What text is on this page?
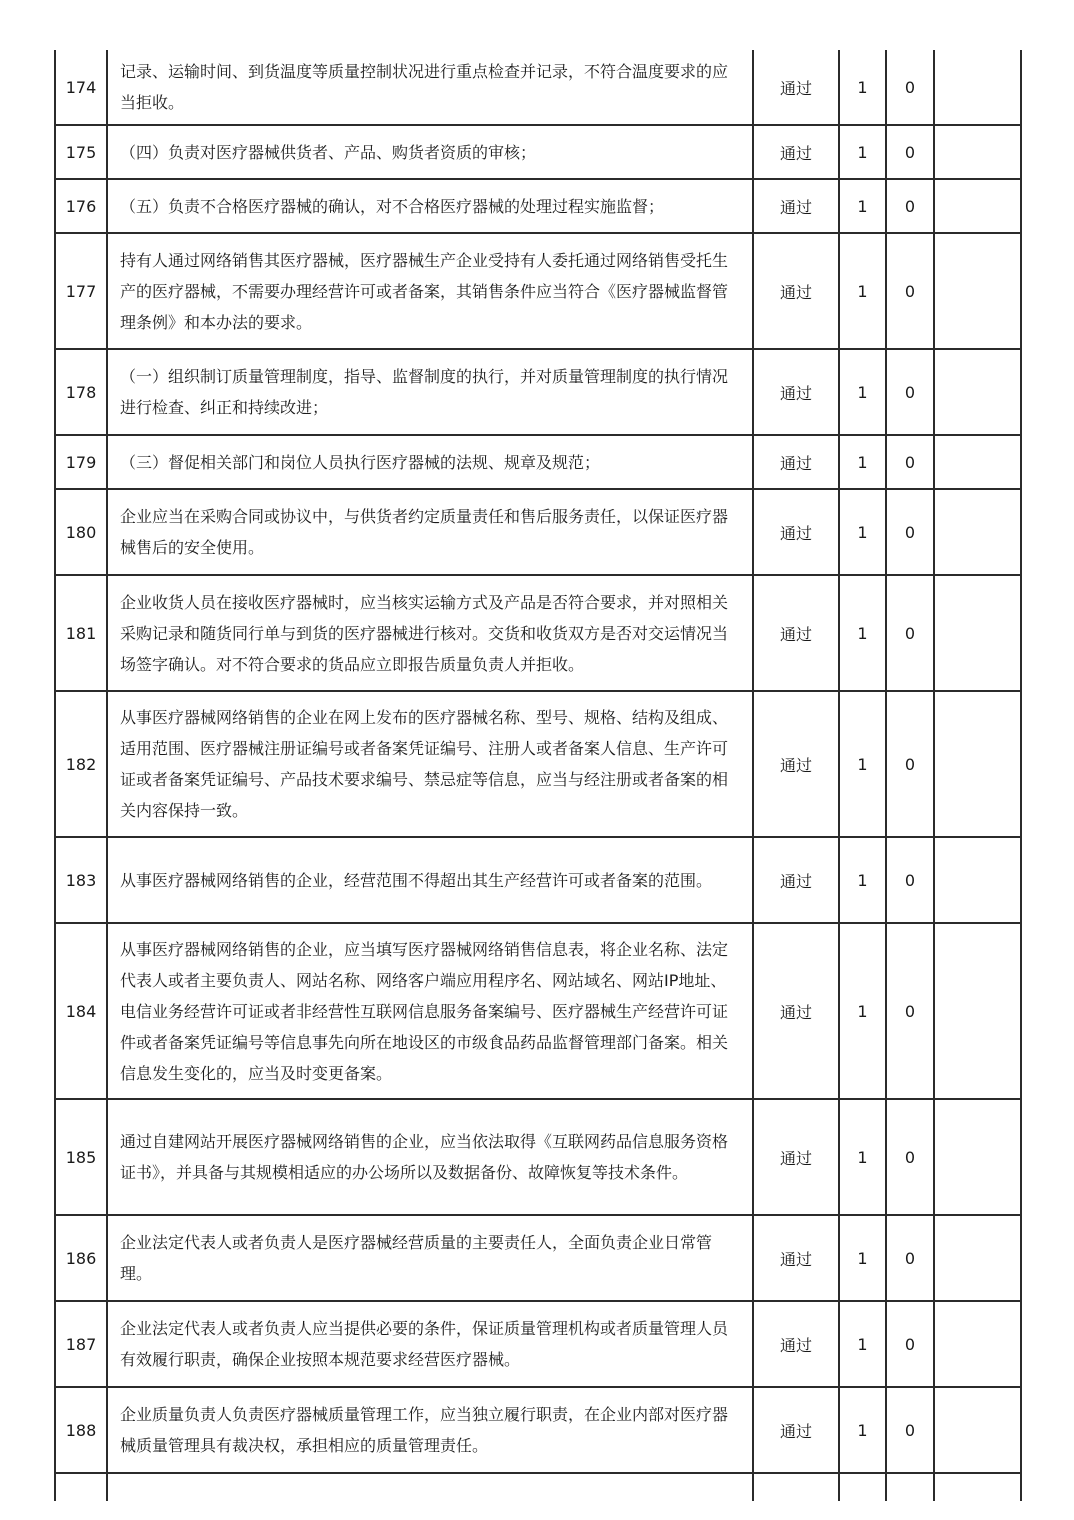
174	记录、运输时间、到货温度等质量控制状况进行重点检查并记录，不符合温度要求的应当拒收。	通过	1	0	
175	（四）负责对医疗器械供货者、产品、购货者资质的审核；	通过	1	0	
176	（五）负责不合格医疗器械的确认，对不合格医疗器械的处理过程实施监督；	通过	1	0	
177	持有人通过网络销售其医疗器械，医疗器械生产企业受持有人委托通过网络销售受托生产的医疗器械，不需要办理经营许可或者备案，其销售条件应当符合《医疗器械监督管理条例》和本办法的要求。	通过	1	0	
178	（一）组织制订质量管理制度，指导、监督制度的执行，并对质量管理制度的执行情况进行检查、纠正和持续改进；	通过	1	0	
179	（三）督促相关部门和岗位人员执行医疗器械的法规、规章及规范；	通过	1	0	
180	企业应当在采购合同或协议中，与供货者约定质量责任和售后服务责任，以保证医疗器械售后的安全使用。	通过	1	0	
181	企业收货人员在接收医疗器械时，应当核实运输方式及产品是否符合要求，并对照相关采购记录和随货同行单与到货的医疗器械进行核对。交货和收货双方是否对交运情况当场签字确认。对不符合要求的货品应立即报告质量负责人并拒收。	通过	1	0	
182	从事医疗器械网络销售的企业在网上发布的医疗器械名称、型号、规格、结构及组成、适用范围、医疗器械注册证编号或者备案凭证编号、注册人或者备案人信息、生产许可证或者备案凭证编号、产品技术要求编号、禁忌症等信息，应当与经注册或者备案的相关内容保持一致。	通过	1	0	
183	从事医疗器械网络销售的企业，经营范围不得超出其生产经营许可或者备案的范围。	通过	1	0	
184	从事医疗器械网络销售的企业，应当填写医疗器械网络销售信息表，将企业名称、法定代表人或者主要负责人、网站名称、网络客户端应用程序名、网站域名、网站IP地址、电信业务经营许可证或者非经营性互联网信息服务备案编号、医疗器械生产经营许可证件或者备案凭证编号等信息事先向所在地设区的市级食品药品监督管理部门备案。相关信息发生变化的，应当及时变更备案。	通过	1	0	
185	通过自建网站开展医疗器械网络销售的企业，应当依法取得《互联网药品信息服务资格证书》，并具备与其规模相适应的办公场所以及数据备份、故障恢复等技术条件。	通过	1	0	
186	企业法定代表人或者负责人是医疗器械经营质量的主要责任人，全面负责企业日常管理。	通过	1	0	
187	企业法定代表人或者负责人应当提供必要的条件，保证质量管理机构或者质量管理人员有效履行职责，确保企业按照本规范要求经营医疗器械。	通过	1	0	
188	企业质量负责人负责医疗器械质量管理工作，应当独立履行职责，在企业内部对医疗器械质量管理具有裁决权，承担相应的质量管理责任。	通过	1	0	
